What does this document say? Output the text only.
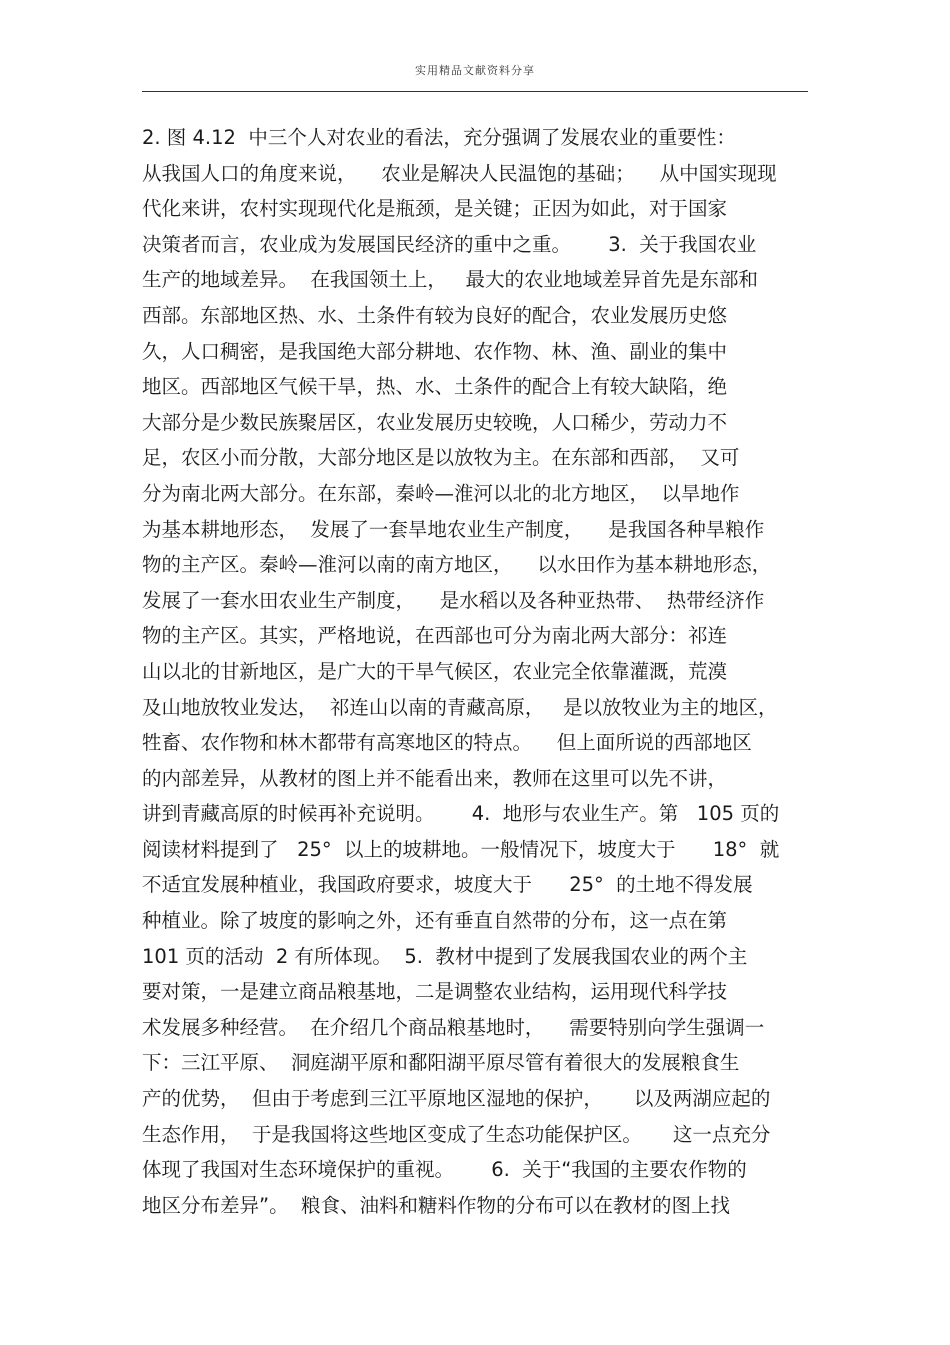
实用精品文献资料分享
2. 图 4.12  中三个人对农业的看法，充分强调了发展农业的重要性：
从我国人口的角度来说，    农业是解决人民温饱的基础；    从中国实现现
代化来讲，农村实现现代化是瓶颈，是关键；正因为如此，对于国家
决策者而言，农业成为发展国民经济的重中之重。      3.  关于我国农业
生产的地域差异。  在我国领土上，   最大的农业地域差异首先是东部和
西部。东部地区热、水、土条件有较为良好的配合，农业发展历史悠
久，人口稠密，是我国绝大部分耕地、农作物、林、渔、副业的集中
地区。西部地区气候干旱，热、水、土条件的配合上有较大缺陷，绝
大部分是少数民族聚居区，农业发展历史较晚，人口稀少，劳动力不
足，农区小而分散，大部分地区是以放牧为主。在东部和西部，  又可
分为南北两大部分。在东部，秦岭—淮河以北的北方地区，  以旱地作
为基本耕地形态，  发展了一套旱地农业生产制度，    是我国各种旱粮作
物的主产区。秦岭—淮河以南的南方地区，    以水田作为基本耕地形态，
发展了一套水田农业生产制度，    是水稻以及各种亚热带、  热带经济作
物的主产区。其实，严格地说，在西部也可分为南北两大部分：祁连
山以北的甘新地区，是广大的干旱气候区，农业完全依靠灌溉，荒漠
及山地放牧业发达，  祁连山以南的青藏高原，   是以放牧业为主的地区，
牲畜、农作物和林木都带有高寒地区的特点。    但上面所说的西部地区
的内部差异，从教材的图上并不能看出来，教师在这里可以先不讲，
讲到青藏高原的时候再补充说明。      4.  地形与农业生产。第   105 页的
阅读材料提到了   25°  以上的坡耕地。一般情况下，坡度大于      18°  就
不适宜发展种植业，我国政府要求，坡度大于      25°  的土地不得发展
种植业。除了坡度的影响之外，还有垂直自然带的分布，这一点在第
101 页的活动  2 有所体现。  5.  教材中提到了发展我国农业的两个主
要对策，一是建立商品粮基地，二是调整农业结构，运用现代科学技
术发展多种经营。  在介绍几个商品粮基地时，    需要特别向学生强调一
下：三江平原、  洞庭湖平原和鄱阳湖平原尽管有着很大的发展粮食生
产的优势，  但由于考虑到三江平原地区湿地的保护，     以及两湖应起的
生态作用，  于是我国将这些地区变成了生态功能保护区。     这一点充分
体现了我国对生态环境保护的重视。      6.  关于“我国的主要农作物的
地区分布差异”。  粮食、油料和糖料作物的分布可以在教材的图上找
